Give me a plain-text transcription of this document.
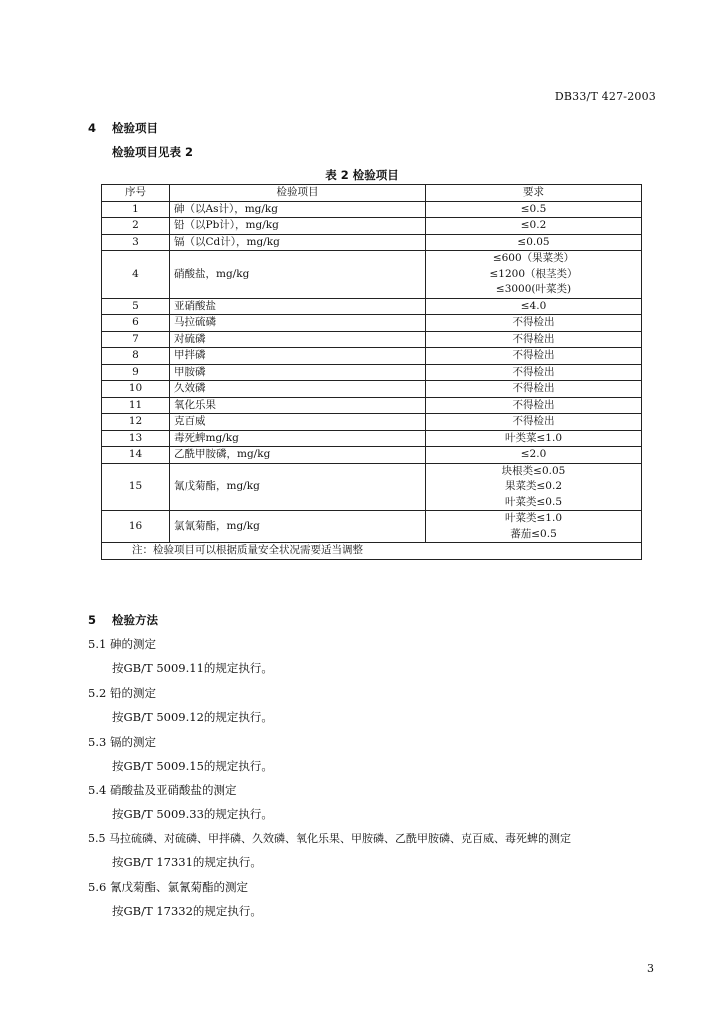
DB33/T 427-2003
4 检验项目
检验项目见表 2
表 2 检验项目
序号	检验项目	要求
1	砷（以As计），mg/kg	≤0.5

2	铅（以Pb计），mg/kg	≤0.2

3	镉（以Cd计），mg/kg	≤0.05

4	硝酸盐，mg/kg	≤600（果菜类）
≤1200（根茎类）
≤3000(叶菜类)

5	亚硝酸盐	≤4.0

6	马拉硫磷	不得检出

7	对硫磷	不得检出

8	甲拌磷	不得检出

9	甲胺磷	不得检出

10	久效磷	不得检出

11	氧化乐果	不得检出

12	克百威	不得检出

13	毒死蜱mg/kg	叶类菜≤1.0

14	乙酰甲胺磷，mg/kg	≤2.0

15	氰戊菊酯，mg/kg	块根类≤0.05
果菜类≤0.2
叶菜类≤0.5

16	氯氰菊酯，mg/kg	叶菜类≤1.0
蕃茄≤0.5

注：检验项目可以根据质量安全状况需要适当调整		
5 检验方法
5.1 砷的测定
按GB/T 5009.11的规定执行。
5.2 铅的测定
按GB/T 5009.12的规定执行。
5.3 镉的测定
按GB/T 5009.15的规定执行。
5.4 硝酸盐及亚硝酸盐的测定
按GB/T 5009.33的规定执行。
5.5 马拉硫磷、对硫磷、甲拌磷、久效磷、氧化乐果、甲胺磷、乙酰甲胺磷、克百威、毒死蜱的测定
按GB/T 17331的规定执行。
5.6 氰戊菊酯、氯氰菊酯的测定
按GB/T 17332的规定执行。
3
